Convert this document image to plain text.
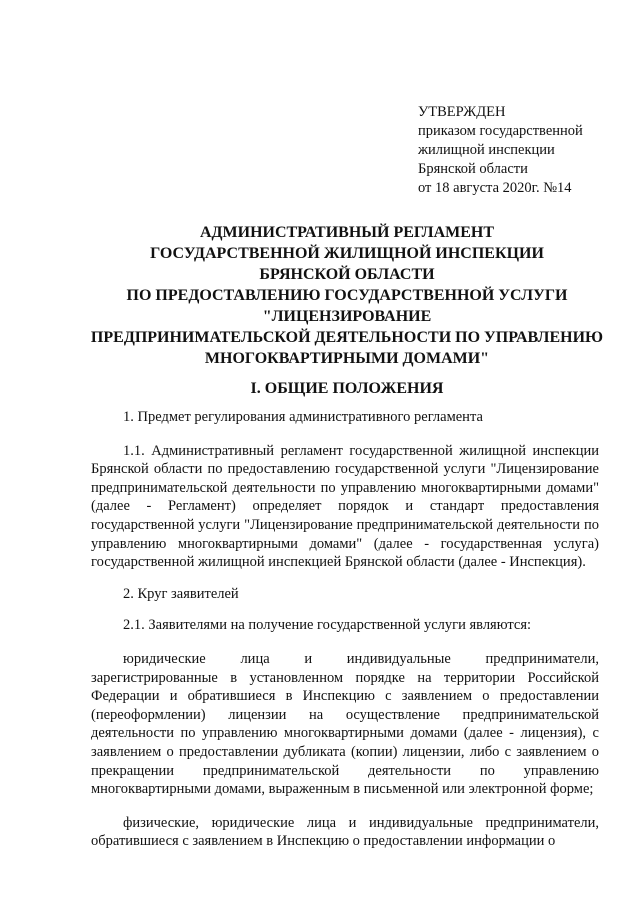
УТВЕРЖДЕН
приказом государственной
жилищной инспекции
Брянской области
от 18 августа 2020г. №14
АДМИНИСТРАТИВНЫЙ РЕГЛАМЕНТ
ГОСУДАРСТВЕННОЙ ЖИЛИЩНОЙ ИНСПЕКЦИИ
БРЯНСКОЙ ОБЛАСТИ
ПО ПРЕДОСТАВЛЕНИЮ ГОСУДАРСТВЕННОЙ УСЛУГИ
"ЛИЦЕНЗИРОВАНИЕ
ПРЕДПРИНИМАТЕЛЬСКОЙ ДЕЯТЕЛЬНОСТИ ПО УПРАВЛЕНИЮ
МНОГОКВАРТИРНЫМИ ДОМАМИ"
I. ОБЩИЕ ПОЛОЖЕНИЯ

1. Предмет регулирования административного регламента

1.1. Административный регламент государственной жилищной инспекции Брянской области по предоставлению государственной услуги "Лицензирование предпринимательской деятельности по управлению многоквартирными домами" (далее - Регламент) определяет порядок и стандарт предоставления государственной услуги "Лицензирование предпринимательской деятельности по управлению многоквартирными домами" (далее - государственная услуга) государственной жилищной инспекцией Брянской области (далее - Инспекция).

2. Круг заявителей

2.1. Заявителями на получение государственной услуги являются:

юридические лица и индивидуальные предприниматели, зарегистрированные в установленном порядке на территории Российской Федерации и обратившиеся в Инспекцию с заявлением о предоставлении (переоформлении) лицензии на осуществление предпринимательской деятельности по управлению многоквартирными домами (далее - лицензия), с заявлением о предоставлении дубликата (копии) лицензии, либо с заявлением о прекращении предпринимательской деятельности по управлению многоквартирными домами, выраженным в письменной или электронной форме;

физические, юридические лица и индивидуальные предприниматели, обратившиеся с заявлением в Инспекцию о предоставлении информации о
